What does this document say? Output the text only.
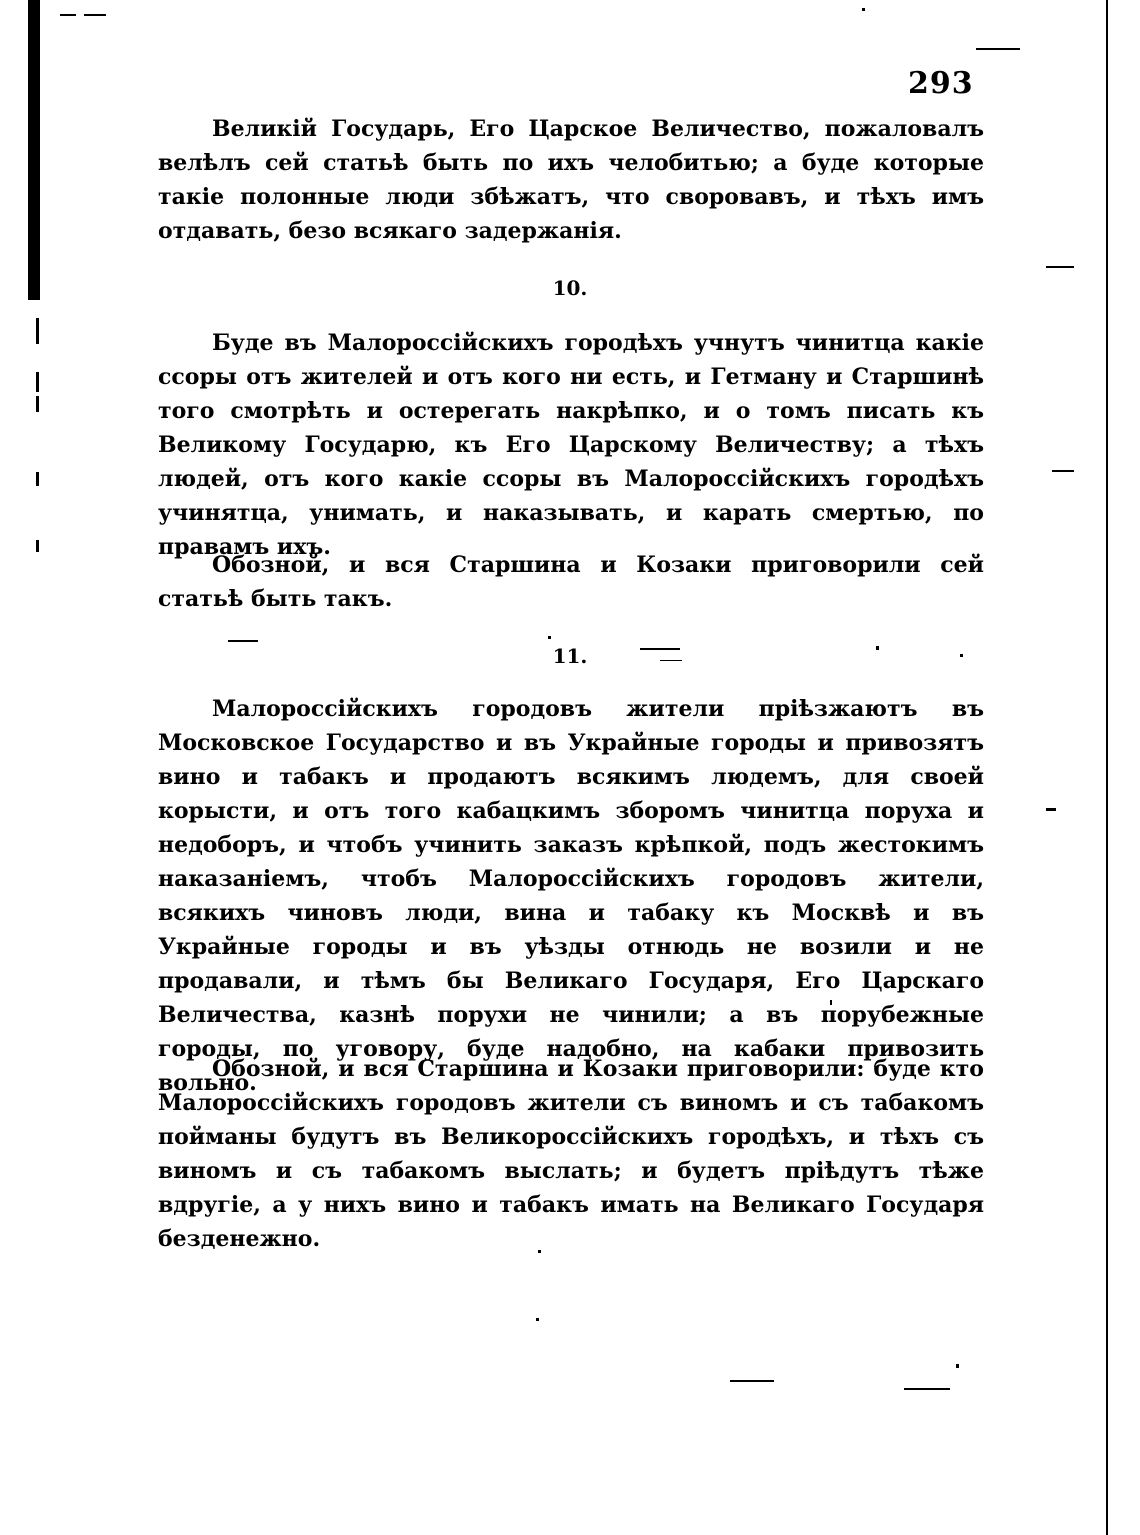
293

Великій Государь, Его Царское Величество, пожаловалъ велѣлъ сей статьѣ быть по ихъ челобитью; а буде которые такіе полонные люди збѣжатъ, что своровавъ, и тѣхъ имъ отдавать, безо всякаго задержанія.

10.

Буде въ Малороссійскихъ городѣхъ учнутъ чинитца какіе ссоры отъ жителей и отъ кого ни есть, и Гетману и Старшинѣ того смотрѣть и остерегать накрѣпко, и о томъ писать къ Великому Государю, къ Его Царскому Величеству; а тѣхъ людей, отъ кого какіе ссоры въ Малороссійскихъ городѣхъ учинятца, унимать, и наказывать, и карать смертью, по правамъ ихъ.

Обозной, и вся Старшина и Козаки приговорили сей статьѣ быть такъ.

11.

Малороссійскихъ городовъ жители пріѣзжаютъ въ Московское Государство и въ Украйные городы и привозятъ вино и табакъ и продаютъ всякимъ людемъ, для своей корысти, и отъ того кабацкимъ зборомъ чинитца поруха и недоборъ, и чтобъ учинить заказъ крѣпкой, подъ жестокимъ наказаніемъ, чтобъ Малороссійскихъ городовъ жители, всякихъ чиновъ люди, вина и табаку къ Москвѣ и въ Украйные городы и въ уѣзды отнюдь не возили и не продавали, и тѣмъ бы Великаго Государя, Его Царскаго Величества, казнѣ порухи не чинили; а въ порубежные городы, по уговору, буде надобно, на кабаки привозить вольно.

Обозной, и вся Старшина и Козаки приговорили: буде кто Малороссійскихъ городовъ жители съ виномъ и съ табакомъ пойманы будутъ въ Великороссійскихъ городѣхъ, и тѣхъ съ виномъ и съ табакомъ выслать; и будетъ пріѣдутъ тѣже вдругіе, а у нихъ вино и табакъ имать на Великаго Государя безденежно.
